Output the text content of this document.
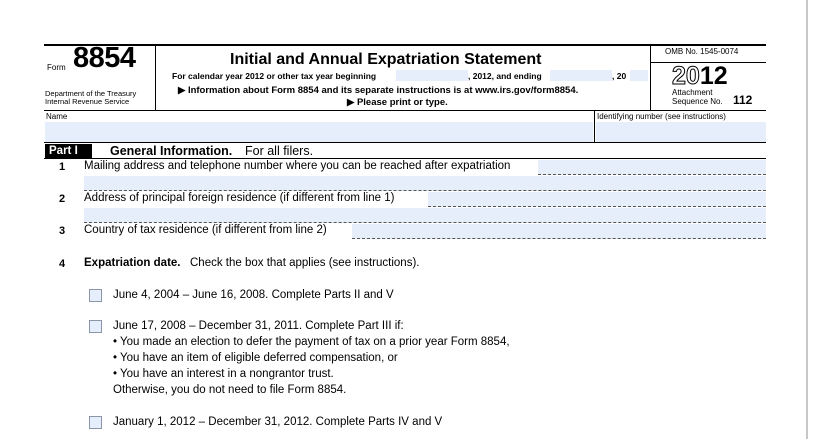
Form 8854
Department of the Treasury
Internal Revenue Service
Initial and Annual Expatriation Statement
For calendar year 2012 or other tax year beginning	, 2012, and ending	, 20
▶ Information about Form 8854 and its separate instructions is at www.irs.gov/form8854.
▶ Please print or type.
OMB No. 1545-0074
2012
Attachment
Sequence No. 112
Name	Identifying number (see instructions)
Part I	General Information. For all filers.
1 Mailing address and telephone number where you can be reached after expatriation
2 Address of principal foreign residence (if different from line 1)
3 Country of tax residence (if different from line 2)
4 Expatriation date. Check the box that applies (see instructions).
June 4, 2004 – June 16, 2008. Complete Parts II and V
June 17, 2008 – December 31, 2011. Complete Part III if:
• You made an election to defer the payment of tax on a prior year Form 8854,
• You have an item of eligible deferred compensation, or
• You have an interest in a nongrantor trust.
Otherwise, you do not need to file Form 8854.
January 1, 2012 – December 31, 2012. Complete Parts IV and V
